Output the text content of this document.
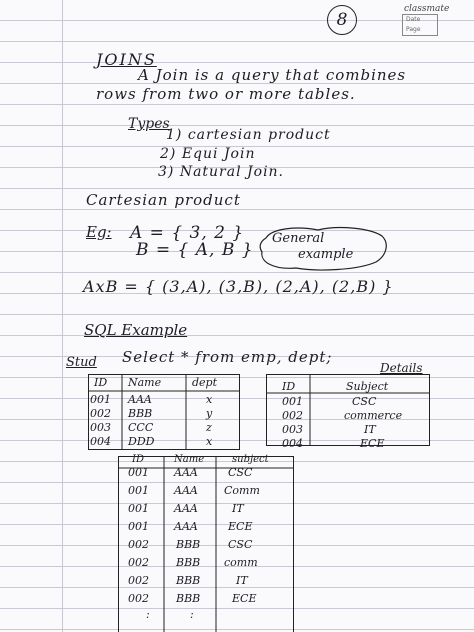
8
classmate
Date
Page
JOINS
A Join is a query that combines
rows from two or more tables.
Types
1) cartesian product
2) Equi Join
3) Natural Join.
Cartesian product
Eg: A = { 3, 2 }
B = { A, B }
General
example
AxB = { (3,A), (3,B), (2,A), (2,B) }
SQL Example
Stud Select * from emp, dept;
Details
ID Name	dept
001 AAA	x
002 BBB	y
003 CCC	z
004 DDD	x
ID	Subject
001	CSC
002	commerce
003	IT
004	ECE
ID	Name	subject
001 AAA	CSC
001 AAA Comm
001 AAA	IT
001 AAA	ECE
002 BBB	CSC
002 BBB comm
002 BBB	IT
002 BBB	ECE
:	:
